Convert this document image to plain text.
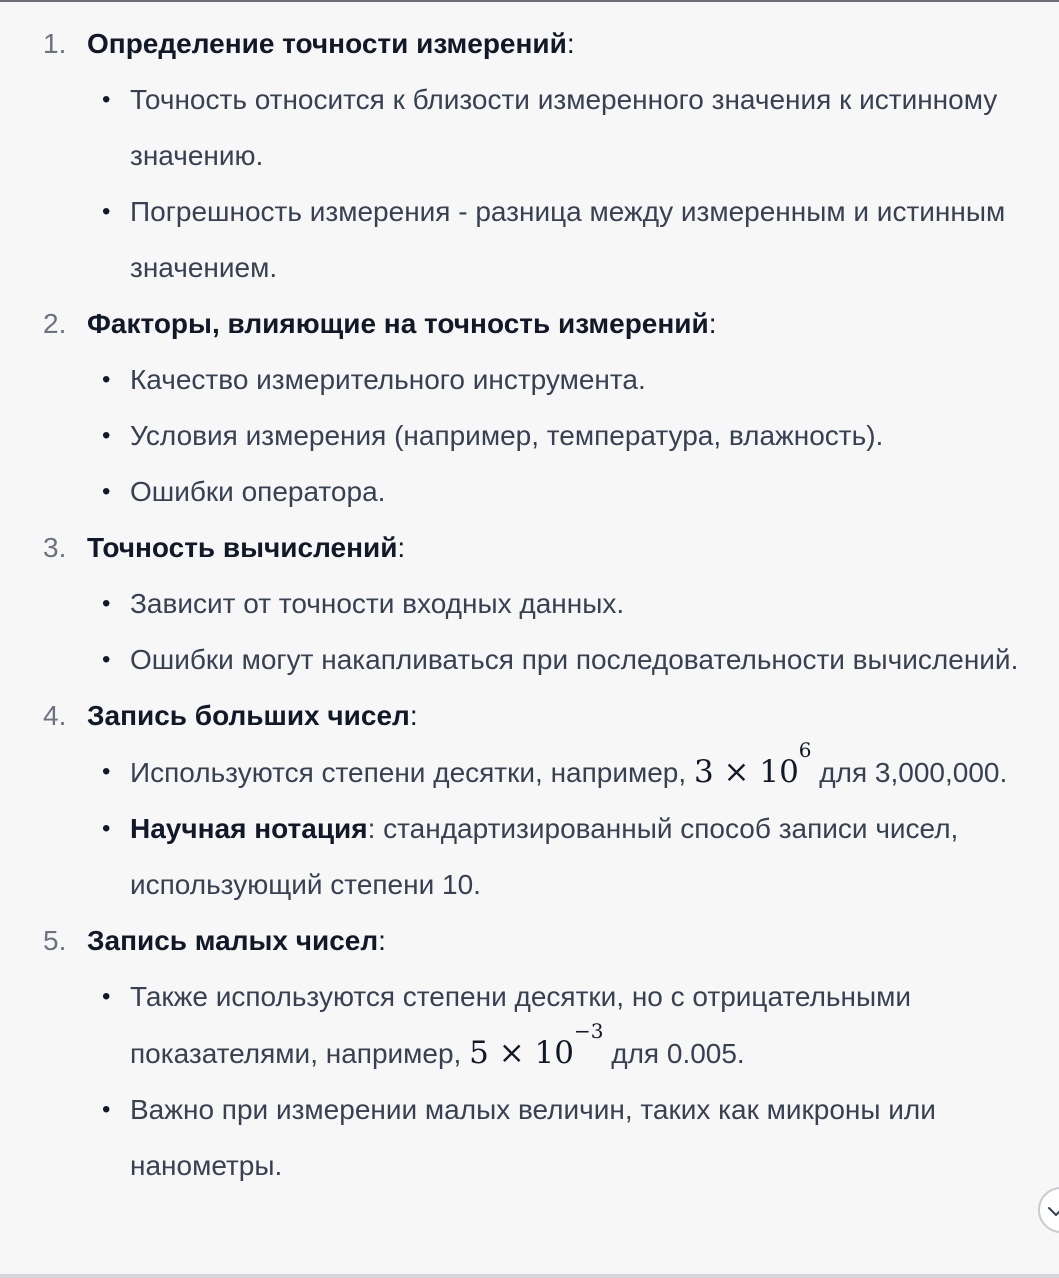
1. Определение точности измерений:
• Точность относится к близости измеренного значения к истинному значению.
• Погрешность измерения - разница между измеренным и истинным значением.
2. Факторы, влияющие на точность измерений:
• Качество измерительного инструмента.
• Условия измерения (например, температура, влажность).
• Ошибки оператора.
3. Точность вычислений:
• Зависит от точности входных данных.
• Ошибки могут накапливаться при последовательности вычислений.
4. Запись больших чисел:
• Используются степени десятки, например, $3 \times 10^6$ для 3,000,000.
• Научная нотация: стандартизированный способ записи чисел, использующий степени 10.
5. Запись малых чисел:
• Также используются степени десятки, но с отрицательными показателями, например, $5 \times 10^{-3}$ для 0.005.
• Важно при измерении малых величин, таких как микроны или нанометры.
